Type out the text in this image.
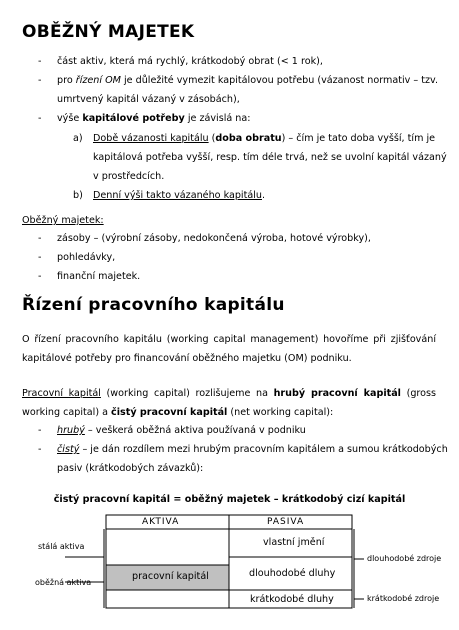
OBĚŽNÝ MAJETEK
- část aktiv, která má rychlý, krátkodobý obrat (< 1 rok),
- pro řízení OM je důležité vymezit kapitálovou potřebu (vázanost normativ – tzv.
umrtvený kapitál vázaný v zásobách),
- výše kapitálové potřeby je závislá na:
a) Době vázanosti kapitálu (doba obratu) – čím je tato doba vyšší, tím je
kapitálová potřeba vyšší, resp. tím déle trvá, než se uvolní kapitál vázaný
v prostředcích.
b) Denní výši takto vázaného kapitálu.
Oběžný majetek:
- zásoby – (výrobní zásoby, nedokončená výroba, hotové výrobky),
- pohledávky,
- finanční majetek.
Řízení pracovního kapitálu
O řízení pracovního kapitálu (working capital management) hovoříme při zjišťování
kapitálové potřeby pro financování oběžného majetku (OM) podniku.
Pracovní kapitál (working capital) rozlišujeme na hrubý pracovní kapitál (gross
working capital) a čistý pracovní kapitál (net working capital):
- hrubý – veškerá oběžná aktiva používaná v podniku
- čistý – je dán rozdílem mezi hrubým pracovním kapitálem a sumou krátkodobých
pasiv (krátkodobých závazků):
čistý pracovní kapitál = oběžný majetek – krátkodobý cizí kapitál
AKTIVA	PASIVA
vlastní jmění
pracovní kapitál	dlouhodobé dluhy
krátkodobé dluhy
stálá aktiva
oběžná aktiva
dlouhodobé zdroje
krátkodobé zdroje
